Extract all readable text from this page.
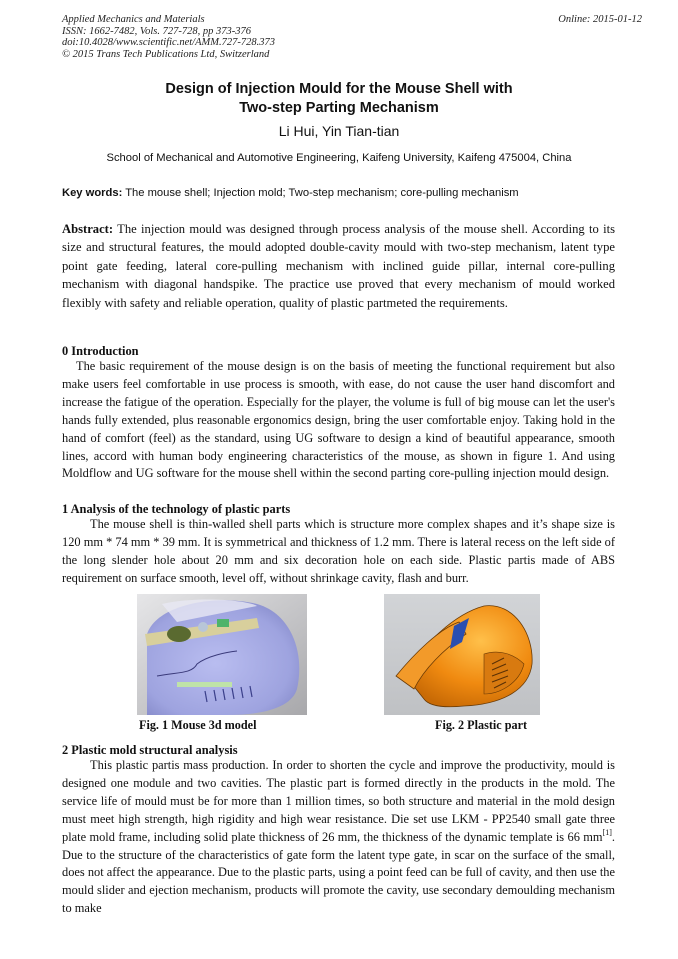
Applied Mechanics and Materials
ISSN: 1662-7482, Vols. 727-728, pp 373-376
doi:10.4028/www.scientific.net/AMM.727-728.373
© 2015 Trans Tech Publications Ltd, Switzerland
Online: 2015-01-12
Design of Injection Mould for the Mouse Shell with
Two-step Parting Mechanism
Li Hui, Yin Tian-tian
School of Mechanical and Automotive Engineering, Kaifeng University, Kaifeng 475004, China
Key words: The mouse shell; Injection mold; Two-step mechanism; core-pulling mechanism
Abstract: The injection mould was designed through process analysis of the mouse shell. According to its size and structural features, the mould adopted double-cavity mould with two-step mechanism, latent type point gate feeding, lateral core-pulling mechanism with inclined guide pillar, internal core-pulling mechanism with diagonal handspike. The practice use proved that every mechanism of mould worked flexibly with safety and reliable operation, quality of plastic partmeted the requirements.
0 Introduction
The basic requirement of the mouse design is on the basis of meeting the functional requirement but also make users feel comfortable in use process is smooth, with ease, do not cause the user hand discomfort and increase the fatigue of the operation. Especially for the player, the volume is full of big mouse can let the user's hands fully extended, plus reasonable ergonomics design, bring the user comfortable enjoy. Taking hold in the hand of comfort (feel) as the standard, using UG software to design a kind of beautiful appearance, smooth lines, accord with human body engineering characteristics of the mouse, as shown in figure 1. And using Moldflow and UG software for the mouse shell within the second parting core-pulling injection mould design.
1 Analysis of the technology of plastic parts
The mouse shell is thin-walled shell parts which is structure more complex shapes and it’s shape size is 120 mm * 74 mm * 39 mm. It is symmetrical and thickness of 1.2 mm. There is lateral recess on the left side of the long slender hole about 20 mm and six decoration hole on each side. Plastic partis made of ABS requirement on surface smooth, level off, without shrinkage cavity, flash and burr.
Fig. 1 Mouse 3d model	Fig. 2 Plastic part
2 Plastic mold structural analysis
This plastic partis mass production. In order to shorten the cycle and improve the productivity, mould is designed one module and two cavities. The plastic part is formed directly in the products in the mold. The service life of mould must be for more than 1 million times, so both structure and material in the mold design must meet high strength, high rigidity and high wear resistance. Die set use LKM - PP2540 small gate three plate mold frame, including solid plate thickness of 26 mm, the thickness of the dynamic template is 66 mm[1]. Due to the structure of the characteristics of gate form the latent type gate, in scar on the surface of the small, does not affect the appearance. Due to the plastic parts, using a point feed can be full of cavity, and then use the mould slider and ejection mechanism, products will promote the cavity, use secondary demoulding mechanism to make
